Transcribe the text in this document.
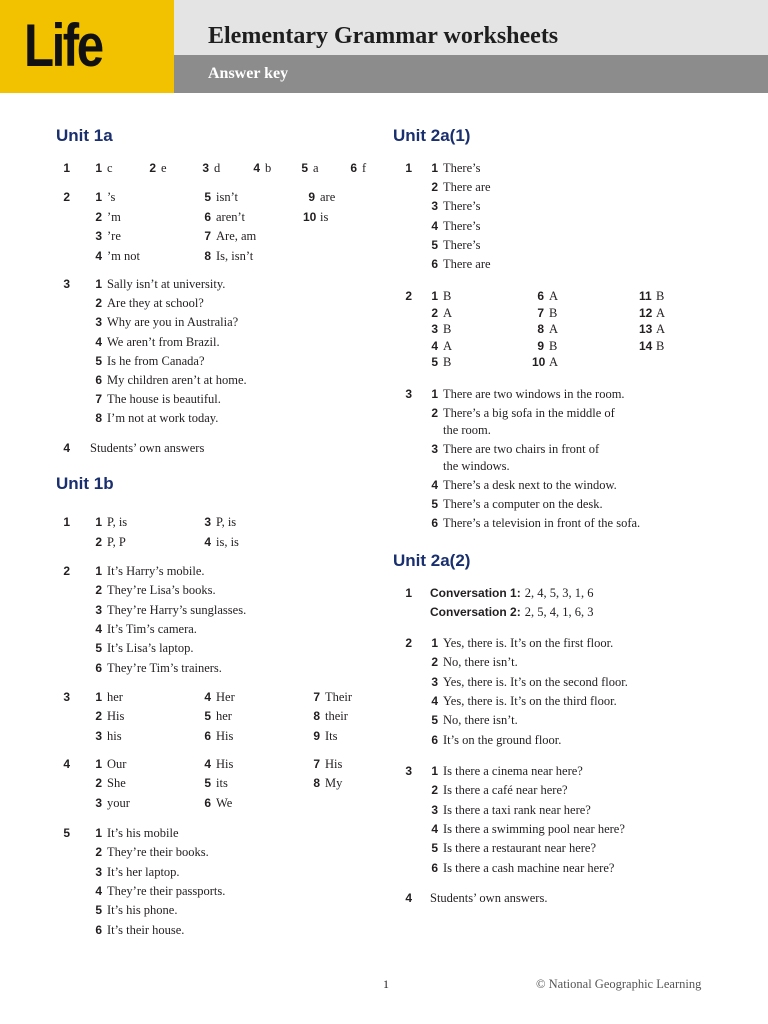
Life	Elementary Grammar worksheets
Answer key
Unit 1a
1	1 c	2 e	3 d	4 b	5 a	6 f
2	1 ’s
2 ’m
3 ’re
4 ’m not
5 isn’t
6 aren’t
7 Are, am
8 Is, isn’t
9 are
10 is
3	1 Sally isn’t at university.
2 Are they at school?
3 Why are you in Australia?
4 We aren’t from Brazil.
5 Is he from Canada?
6 My children aren’t at home.
7 The house is beautiful.
8 I’m not at work today.
4 Students’ own answers
Unit 1b
1	1 P, is
2 P, P
3 P, is
4 is, is
2	1 It’s Harry’s mobile.
2 They’re Lisa’s books.
3 They’re Harry’s sunglasses.
4 It’s Tim’s camera.
5 It’s Lisa’s laptop.
6 They’re Tim’s trainers.
3	1 her
2 His
3 his
4 Her
5 her
6 His
7 Their
8 their
9 Its
4	1 Our
2 She
3 your
4 His
5 its
6 We
7 His
8 My
5	1 It’s his mobile
2 They’re their books.
3 It’s her laptop.
4 They’re their passports.
5 It’s his phone.
6 It’s their house.
Unit 2a(1)
1	1 There’s
2 There are
3 There’s
4 There’s
5 There’s
6 There are
2	1 B
2 A
3 B
4 A
5 B
6 A
7 B
8 A
9 B
10 A
11 B
12 A
13 A
14 B
3	1 There are two windows in the room.
2 There’s a big sofa in the middle of
the room.
3 There are two chairs in front of
the windows.
4 There’s a desk next to the window.
5 There’s a computer on the desk.
6 There’s a television in front of the sofa.
Unit 2a(2)
1 Conversation 1: 2, 4, 5, 3, 1, 6
Conversation 2: 2, 5, 4, 1, 6, 3
2	1 Yes, there is. It’s on the first floor.
2 No, there isn’t.
3 Yes, there is. It’s on the second floor.
4 Yes, there is. It’s on the third floor.
5 No, there isn’t.
6 It’s on the ground floor.
3	1 Is there a cinema near here?
2 Is there a café near here?
3 Is there a taxi rank near here?
4 Is there a swimming pool near here?
5 Is there a restaurant near here?
6 Is there a cash machine near here?
4 Students’ own answers.
1	© National Geographic Learning
